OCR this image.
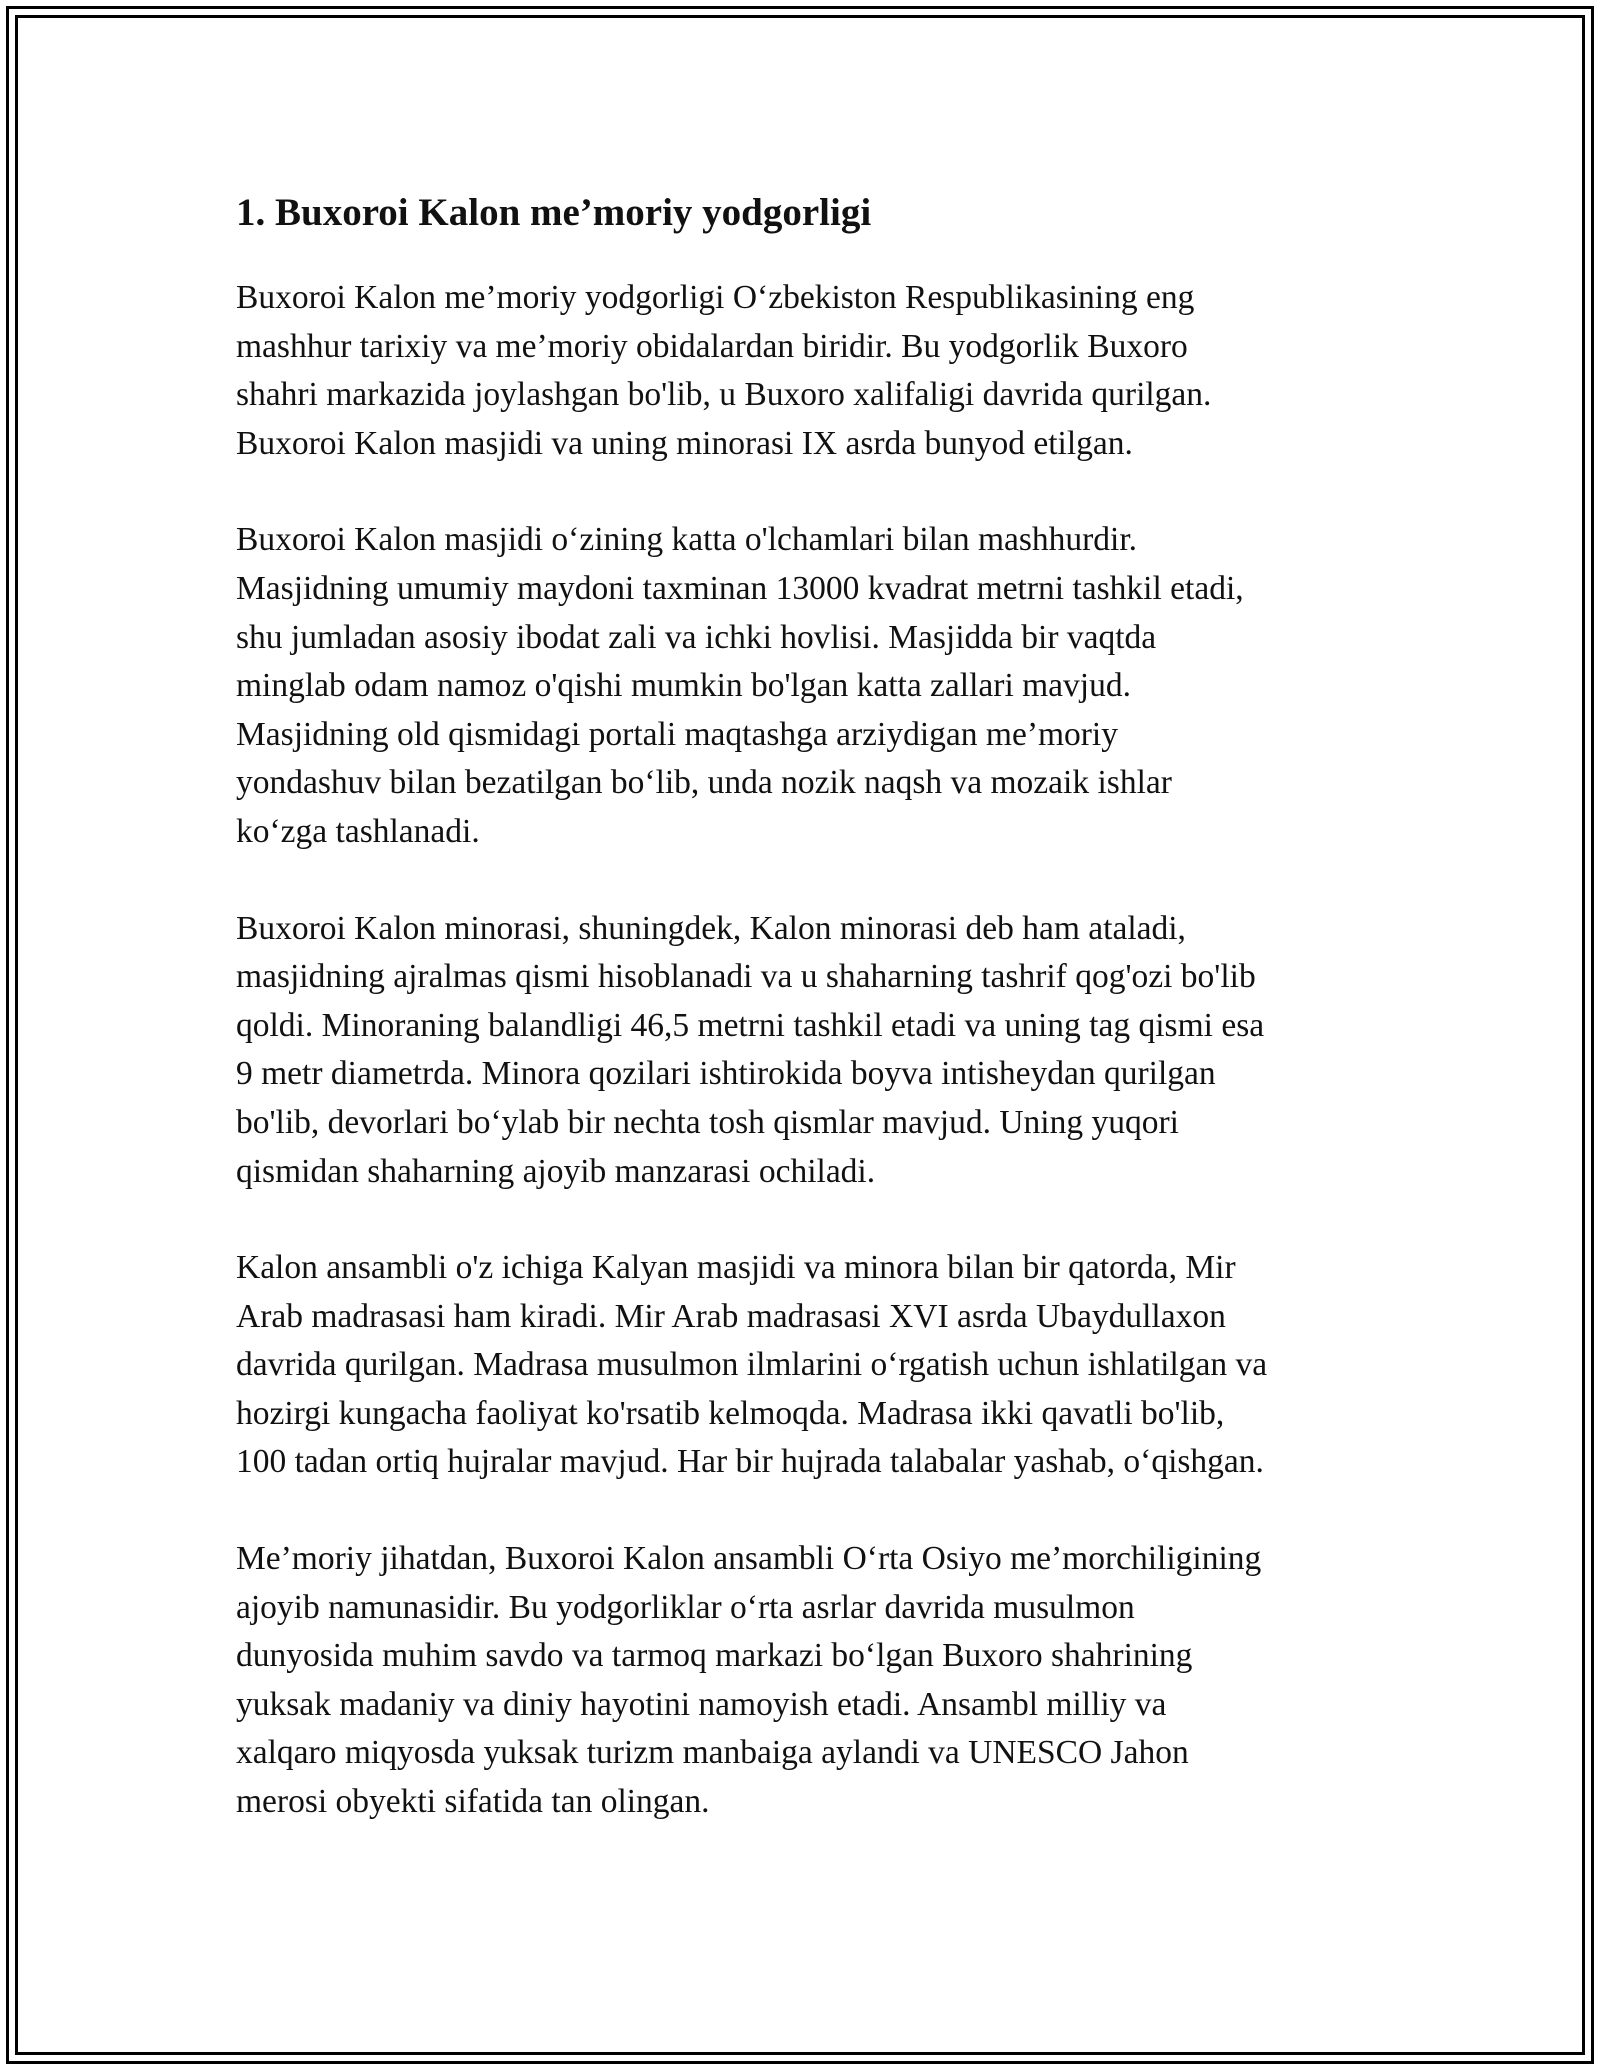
1. Buxoroi Kalon me’moriy yodgorligi

Buxoroi Kalon me’moriy yodgorligi O‘zbekiston Respublikasining eng
mashhur tarixiy va me’moriy obidalardan biridir. Bu yodgorlik Buxoro
shahri markazida joylashgan bo'lib, u Buxoro xalifaligi davrida qurilgan.
Buxoroi Kalon masjidi va uning minorasi IX asrda bunyod etilgan.

Buxoroi Kalon masjidi o‘zining katta o'lchamlari bilan mashhurdir.
Masjidning umumiy maydoni taxminan 13000 kvadrat metrni tashkil etadi,
shu jumladan asosiy ibodat zali va ichki hovlisi. Masjidda bir vaqtda
minglab odam namoz o'qishi mumkin bo'lgan katta zallari mavjud.
Masjidning old qismidagi portali maqtashga arziydigan me’moriy
yondashuv bilan bezatilgan bo‘lib, unda nozik naqsh va mozaik ishlar
ko‘zga tashlanadi.

Buxoroi Kalon minorasi, shuningdek, Kalon minorasi deb ham ataladi,
masjidning ajralmas qismi hisoblanadi va u shaharning tashrif qog'ozi bo'lib
qoldi. Minoraning balandligi 46,5 metrni tashkil etadi va uning tag qismi esa
9 metr diametrda. Minora qozilari ishtirokida boyva intisheydan qurilgan
bo'lib, devorlari bo‘ylab bir nechta tosh qismlar mavjud. Uning yuqori
qismidan shaharning ajoyib manzarasi ochiladi.

Kalon ansambli o'z ichiga Kalyan masjidi va minora bilan bir qatorda, Mir
Arab madrasasi ham kiradi. Mir Arab madrasasi XVI asrda Ubaydullaxon
davrida qurilgan. Madrasa musulmon ilmlarini o‘rgatish uchun ishlatilgan va
hozirgi kungacha faoliyat ko'rsatib kelmoqda. Madrasa ikki qavatli bo'lib,
100 tadan ortiq hujralar mavjud. Har bir hujrada talabalar yashab, o‘qishgan.

Me’moriy jihatdan, Buxoroi Kalon ansambli O‘rta Osiyo me’morchiligining
ajoyib namunasidir. Bu yodgorliklar o‘rta asrlar davrida musulmon
dunyosida muhim savdo va tarmoq markazi bo‘lgan Buxoro shahrining
yuksak madaniy va diniy hayotini namoyish etadi. Ansambl milliy va
xalqaro miqyosda yuksak turizm manbaiga aylandi va UNESCO Jahon
merosi obyekti sifatida tan olingan.
